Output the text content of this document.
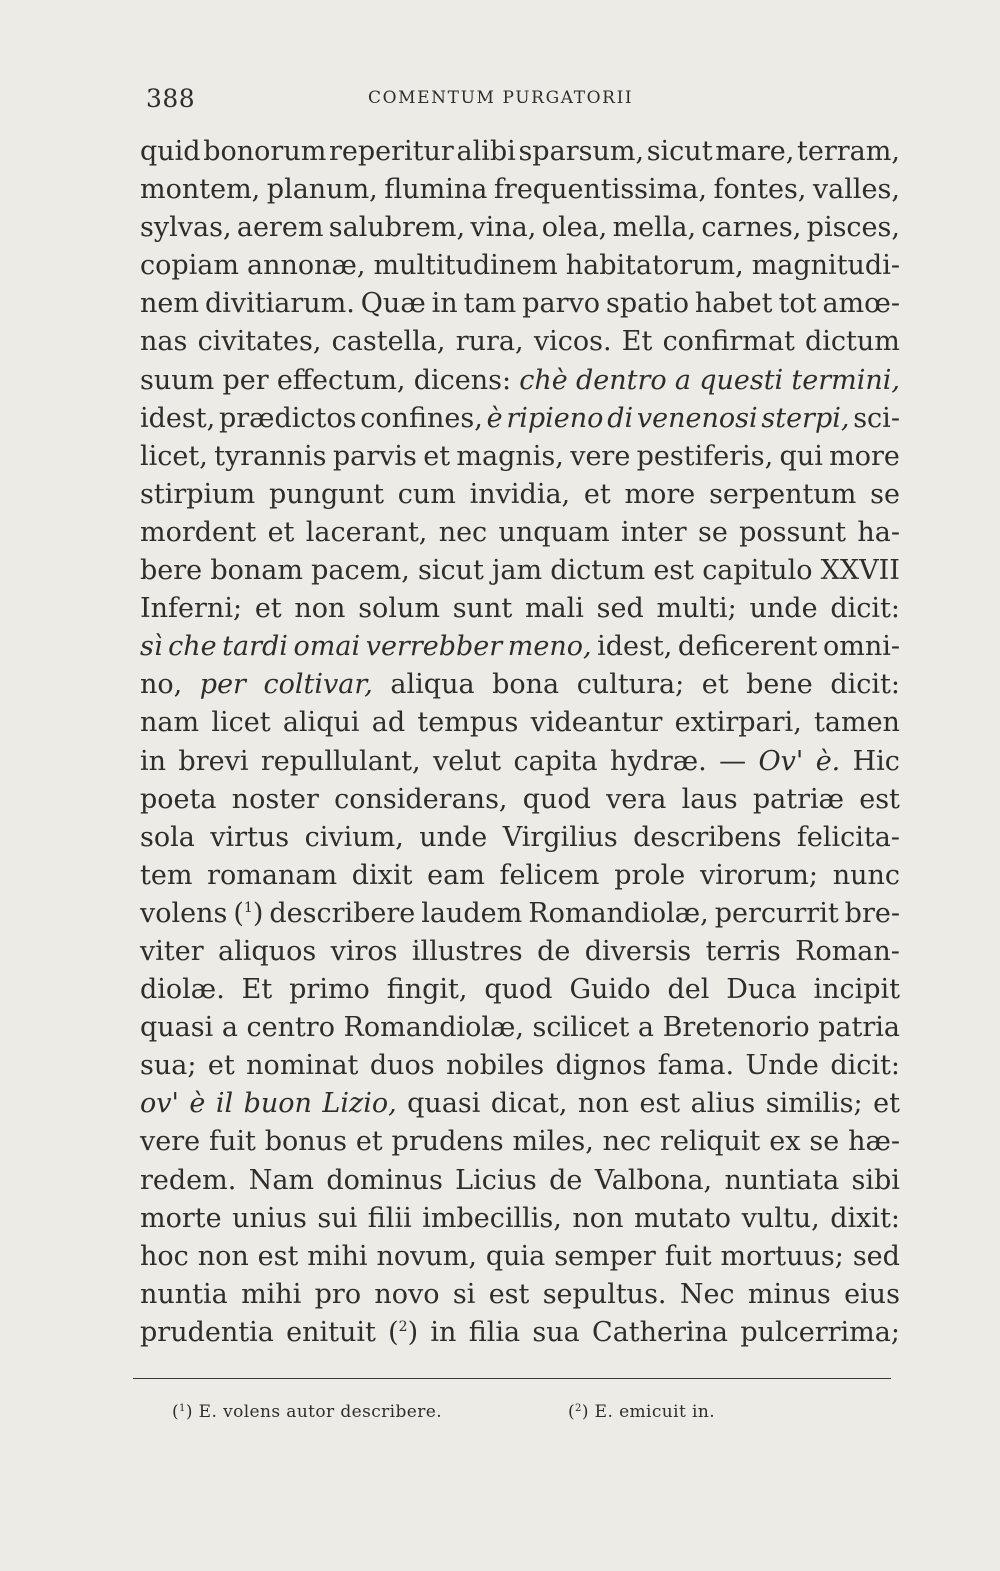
388	COMENTUM PURGATORII
quid bonorum reperitur alibi sparsum, sicut mare, terram,
montem, planum, flumina frequentissima, fontes, valles,
sylvas, aerem salubrem, vina, olea, mella, carnes, pisces,
copiam annonæ, multitudinem habitatorum, magnitudi-
nem divitiarum. Quæ in tam parvo spatio habet tot amœ-
nas civitates, castella, rura, vicos. Et confirmat dictum
suum per effectum, dicens: chè dentro a questi termini,
idest, prædictos confines, è ripieno di venenosi sterpi, sci-
licet, tyrannis parvis et magnis, vere pestiferis, qui more
stirpium pungunt cum invidia, et more serpentum se
mordent et lacerant, nec unquam inter se possunt ha-
bere bonam pacem, sicut jam dictum est capitulo XXVII
Inferni; et non solum sunt mali sed multi; unde dicit:
sì che tardi omai verrebber meno, idest, deficerent omni-
no, per coltivar, aliqua bona cultura; et bene dicit:
nam licet aliqui ad tempus videantur extirpari, tamen
in brevi repullulant, velut capita hydræ. — Ov' è. Hic
poeta noster considerans, quod vera laus patriæ est
sola virtus civium, unde Virgilius describens felicita-
tem romanam dixit eam felicem prole virorum; nunc
volens ($^1$) describere laudem Romandiolæ, percurrit bre-
viter aliquos viros illustres de diversis terris Roman-
diolæ. Et primo fingit, quod Guido del Duca incipit
quasi a centro Romandiolæ, scilicet a Bretenorio patria
sua; et nominat duos nobiles dignos fama. Unde dicit:
ov' è il buon Lizio, quasi dicat, non est alius similis; et
vere fuit bonus et prudens miles, nec reliquit ex se hæ-
redem. Nam dominus Licius de Valbona, nuntiata sibi
morte unius sui filii imbecillis, non mutato vultu, dixit:
hoc non est mihi novum, quia semper fuit mortuus; sed
nuntia mihi pro novo si est sepultus. Nec minus eius
prudentia enituit ($^2$) in filia sua Catherina pulcerrima;
($^1$) E. volens autor describere.	($^2$) E. emicuit in.
